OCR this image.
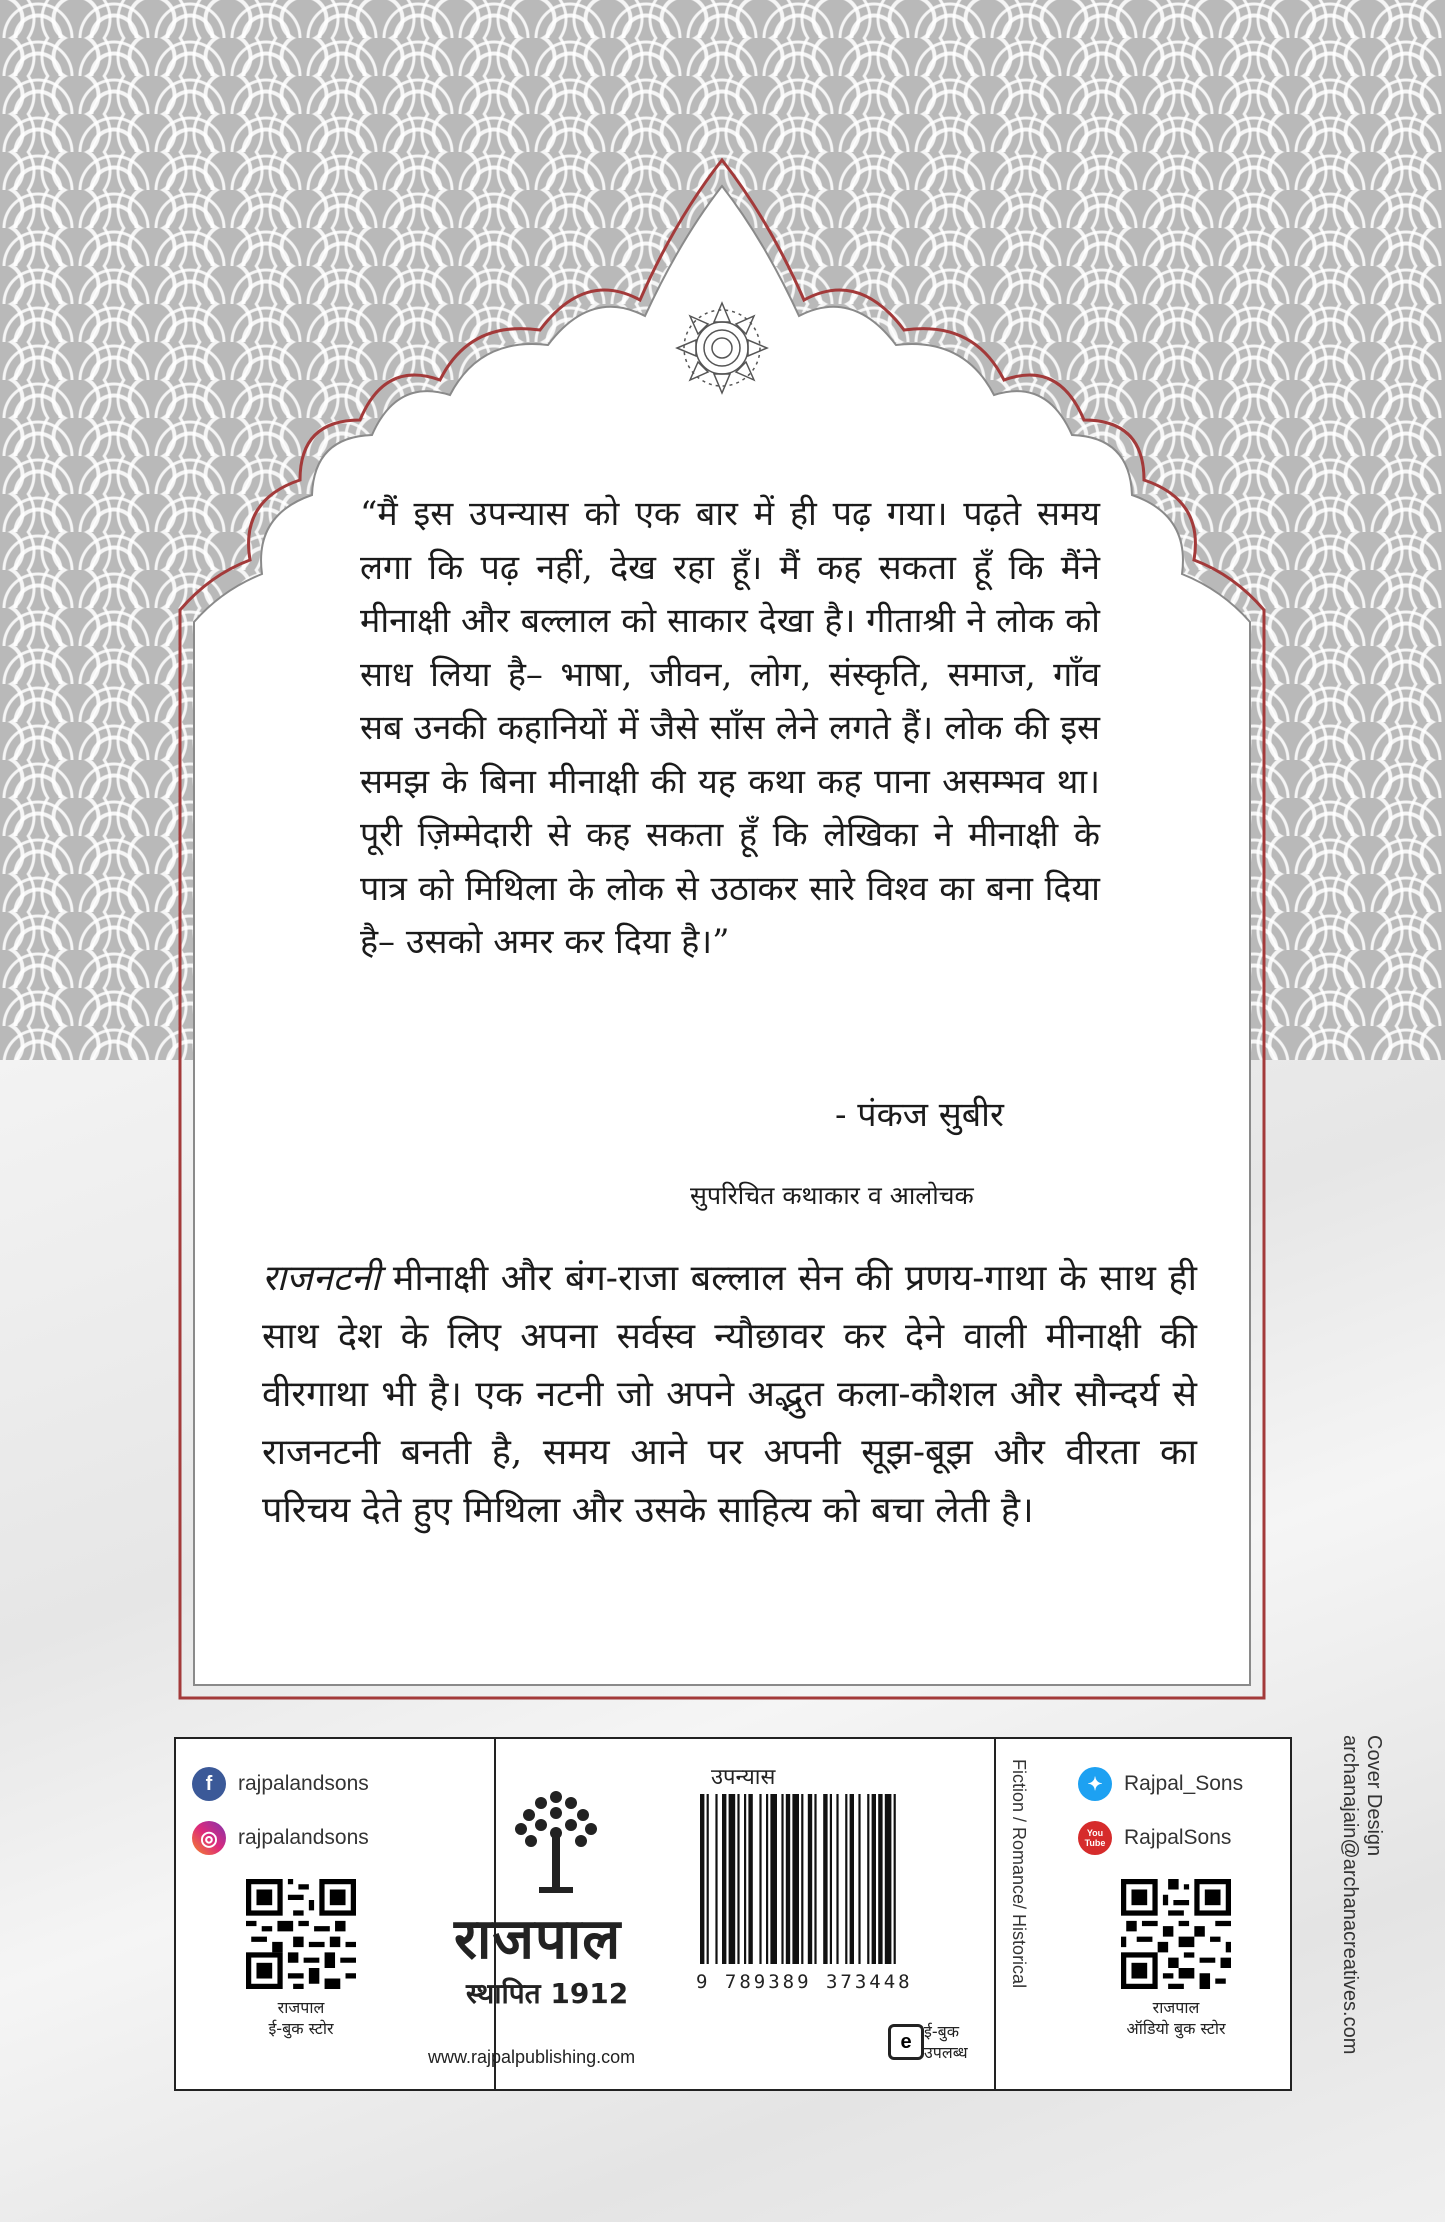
“मैं इस उपन्यास को एक बार में ही पढ़ गया। पढ़ते समय लगा कि पढ़ नहीं, देख रहा हूँ। मैं कह सकता हूँ कि मैंने मीनाक्षी और बल्लाल को साकार देखा है। गीताश्री ने लोक को साध लिया है– भाषा, जीवन, लोग, संस्कृति, समाज, गाँव सब उनकी कहानियों में जैसे साँस लेने लगते हैं। लोक की इस समझ के बिना मीनाक्षी की यह कथा कह पाना असम्भव था। पूरी ज़िम्मेदारी से कह सकता हूँ कि लेखिका ने मीनाक्षी के पात्र को मिथिला के लोक से उठाकर सारे विश्व का बना दिया है– उसको अमर कर दिया है।”
- पंकज सुबीर
सुपरिचित कथाकार व आलोचक
राजनटनी मीनाक्षी और बंग-राजा बल्लाल सेन की प्रणय-गाथा के साथ ही साथ देश के लिए अपना सर्वस्व न्यौछावर कर देने वाली मीनाक्षी की वीरगाथा भी है। एक नटनी जो अपने अद्भुत कला-कौशल और सौन्दर्य से राजनटनी बनती है, समय आने पर अपनी सूझ-बूझ और वीरता का परिचय देते हुए मिथिला और उसके साहित्य को बचा लेती है।
f	rajpalandsons
◎ rajpalandsons
राजपाल
ई-बुक स्टोर
राजपाल
स्थापित 1912
www.rajpalpublishing.com
उपन्यास
9 789389 373448
e ई-बुक
उपलब्ध
Fiction / Romance/ Historical	✦	Rajpal_Sons
You Tube RajpalSons
राजपाल
ऑडियो बुक स्टोर
Cover Design
archanajain@archanacreatives.com
